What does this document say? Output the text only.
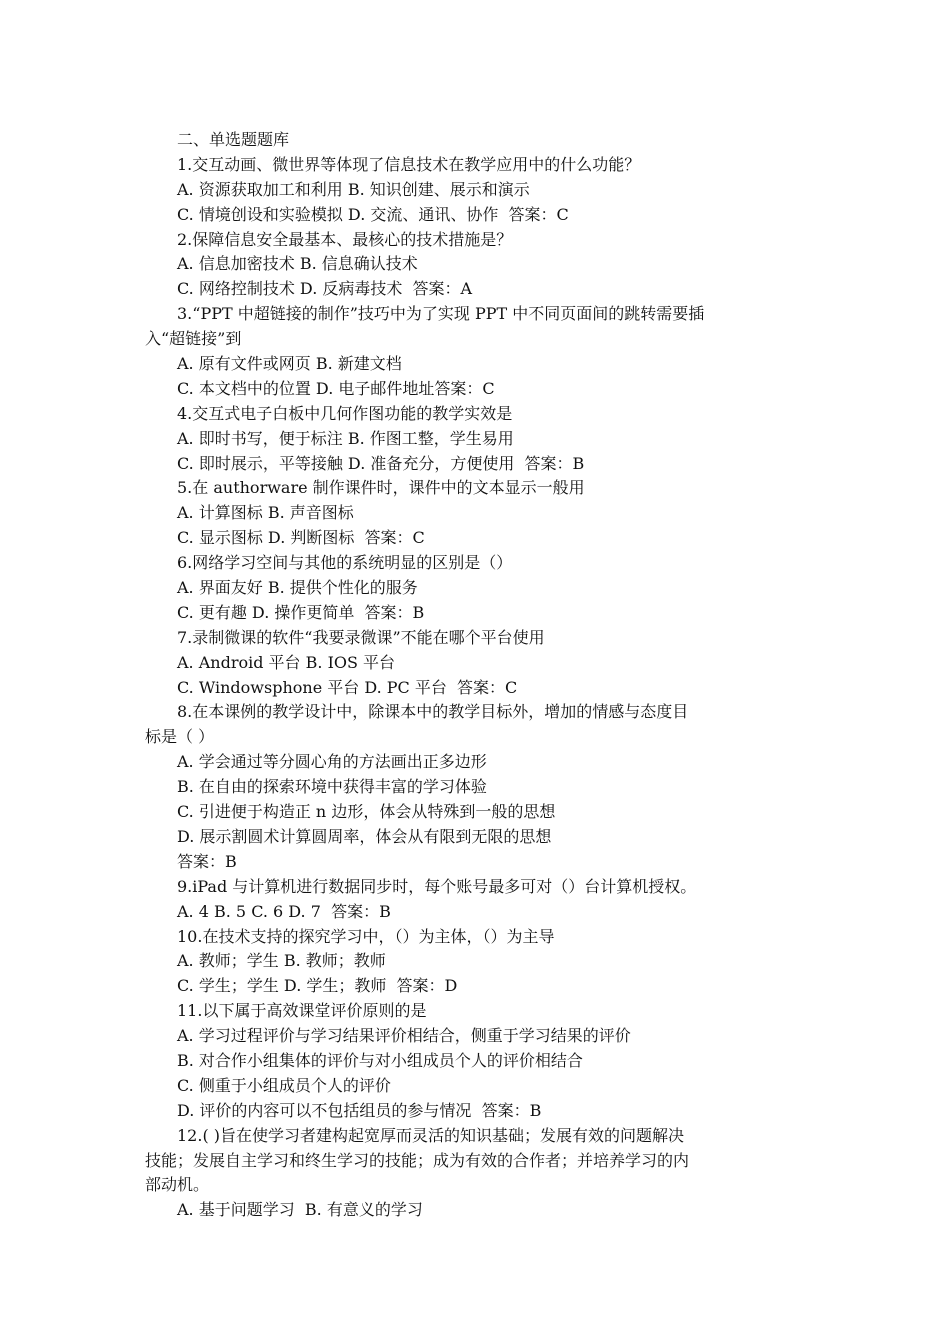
二、单选题题库
1.交互动画、微世界等体现了信息技术在教学应用中的什么功能？
A. 资源获取加工和利用 B. 知识创建、展示和演示
C. 情境创设和实验模拟 D. 交流、通讯、协作  答案：C
2.保障信息安全最基本、最核心的技术措施是？
A. 信息加密技术 B. 信息确认技术
C. 网络控制技术 D. 反病毒技术  答案：A
3.“PPT 中超链接的制作”技巧中为了实现 PPT 中不同页面间的跳转需要插
入“超链接”到
A. 原有文件或网页 B. 新建文档
C. 本文档中的位置 D. 电子邮件地址答案：C
4.交互式电子白板中几何作图功能的教学实效是
A. 即时书写，便于标注 B. 作图工整，学生易用
C. 即时展示，平等接触 D. 准备充分，方便使用  答案：B
5.在 authorware 制作课件时，课件中的文本显示一般用
A. 计算图标 B. 声音图标
C. 显示图标 D. 判断图标  答案：C
6.网络学习空间与其他的系统明显的区别是（）
A. 界面友好 B. 提供个性化的服务
C. 更有趣 D. 操作更简单  答案：B
7.录制微课的软件“我要录微课”不能在哪个平台使用
A. Android 平台 B. IOS 平台
C. Windowsphone 平台 D. PC 平台  答案：C
8.在本课例的教学设计中，除课本中的教学目标外，增加的情感与态度目
标是（ ）
A. 学会通过等分圆心角的方法画出正多边形
B. 在自由的探索环境中获得丰富的学习体验
C. 引进便于构造正 n 边形，体会从特殊到一般的思想
D. 展示割圆术计算圆周率，体会从有限到无限的思想
答案：B
9.iPad 与计算机进行数据同步时，每个账号最多可对（）台计算机授权。
A. 4 B. 5 C. 6 D. 7  答案：B
10.在技术支持的探究学习中，（）为主体，（）为主导
A. 教师；学生 B. 教师；教师
C. 学生；学生 D. 学生；教师  答案：D
11.以下属于高效课堂评价原则的是
A. 学习过程评价与学习结果评价相结合，侧重于学习结果的评价
B. 对合作小组集体的评价与对小组成员个人的评价相结合
C. 侧重于小组成员个人的评价
D. 评价的内容可以不包括组员的参与情况  答案：B
12.( )旨在使学习者建构起宽厚而灵活的知识基础；发展有效的问题解决
技能；发展自主学习和终生学习的技能；成为有效的合作者；并培养学习的内
部动机。
A. 基于问题学习  B. 有意义的学习
